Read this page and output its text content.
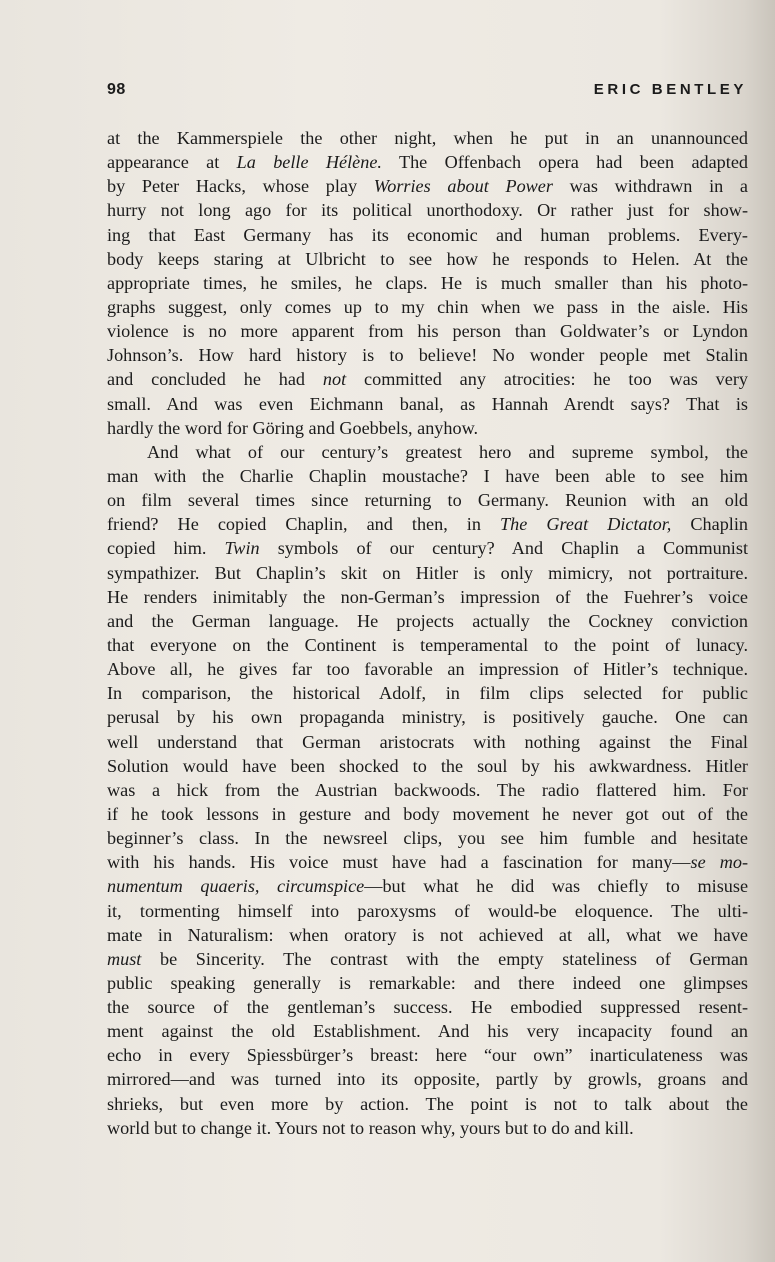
98	ERIC BENTLEY
at the Kammerspiele the other night, when he put in an unannounced
appearance at La belle Hélène. The Offenbach opera had been adapted
by Peter Hacks, whose play Worries about Power was withdrawn in a
hurry not long ago for its political unorthodoxy. Or rather just for show-
ing that East Germany has its economic and human problems. Every-
body keeps staring at Ulbricht to see how he responds to Helen. At the
appropriate times, he smiles, he claps. He is much smaller than his photo-
graphs suggest, only comes up to my chin when we pass in the aisle. His
violence is no more apparent from his person than Goldwater’s or Lyndon
Johnson’s. How hard history is to believe! No wonder people met Stalin
and concluded he had not committed any atrocities: he too was very
small. And was even Eichmann banal, as Hannah Arendt says? That is
hardly the word for Göring and Goebbels, anyhow.
And what of our century’s greatest hero and supreme symbol, the
man with the Charlie Chaplin moustache? I have been able to see him
on film several times since returning to Germany. Reunion with an old
friend? He copied Chaplin, and then, in The Great Dictator, Chaplin
copied him. Twin symbols of our century? And Chaplin a Communist
sympathizer. But Chaplin’s skit on Hitler is only mimicry, not portraiture.
He renders inimitably the non-German’s impression of the Fuehrer’s voice
and the German language. He projects actually the Cockney conviction
that everyone on the Continent is temperamental to the point of lunacy.
Above all, he gives far too favorable an impression of Hitler’s technique.
In comparison, the historical Adolf, in film clips selected for public
perusal by his own propaganda ministry, is positively gauche. One can
well understand that German aristocrats with nothing against the Final
Solution would have been shocked to the soul by his awkwardness. Hitler
was a hick from the Austrian backwoods. The radio flattered him. For
if he took lessons in gesture and body movement he never got out of the
beginner’s class. In the newsreel clips, you see him fumble and hesitate
with his hands. His voice must have had a fascination for many—se mo-
numentum quaeris, circumspice—but what he did was chiefly to misuse
it, tormenting himself into paroxysms of would-be eloquence. The ulti-
mate in Naturalism: when oratory is not achieved at all, what we have
must be Sincerity. The contrast with the empty stateliness of German
public speaking generally is remarkable: and there indeed one glimpses
the source of the gentleman’s success. He embodied suppressed resent-
ment against the old Establishment. And his very incapacity found an
echo in every Spiessbürger’s breast: here “our own” inarticulateness was
mirrored—and was turned into its opposite, partly by growls, groans and
shrieks, but even more by action. The point is not to talk about the
world but to change it. Yours not to reason why, yours but to do and kill.
